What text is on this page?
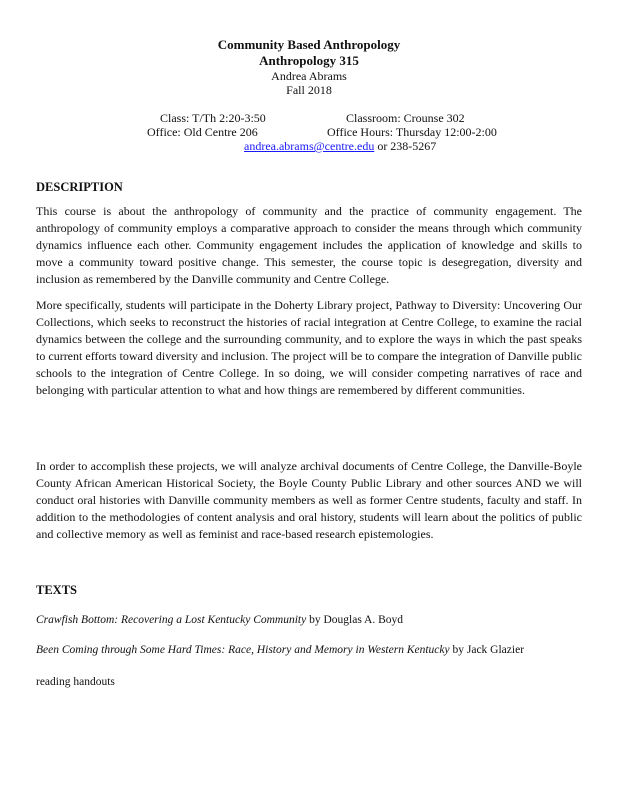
Community Based Anthropology
Anthropology 315
Andrea Abrams
Fall 2018
Class: T/Th 2:20-3:50	Classroom: Crounse 302
Office: Old Centre 206	Office Hours: Thursday 12:00-2:00
andrea.abrams@centre.edu or 238-5267
DESCRIPTION
This course is about the anthropology of community and the practice of community engagement. The anthropology of community employs a comparative approach to consider the means through which community dynamics influence each other. Community engagement includes the application of knowledge and skills to move a community toward positive change. This semester, the course topic is desegregation, diversity and inclusion as remembered by the Danville community and Centre College.
More specifically, students will participate in the Doherty Library project, Pathway to Diversity: Uncovering Our Collections, which seeks to reconstruct the histories of racial integration at Centre College, to examine the racial dynamics between the college and the surrounding community, and to explore the ways in which the past speaks to current efforts toward diversity and inclusion. The project will be to compare the integration of Danville public schools to the integration of Centre College. In so doing, we will consider competing narratives of race and belonging with particular attention to what and how things are remembered by different communities.
In order to accomplish these projects, we will analyze archival documents of Centre College, the Danville-Boyle County African American Historical Society, the Boyle County Public Library and other sources AND we will conduct oral histories with Danville community members as well as former Centre students, faculty and staff. In addition to the methodologies of content analysis and oral history, students will learn about the politics of public and collective memory as well as feminist and race-based research epistemologies.
TEXTS
Crawfish Bottom: Recovering a Lost Kentucky Community by Douglas A. Boyd
Been Coming through Some Hard Times: Race, History and Memory in Western Kentucky by Jack Glazier
reading handouts
